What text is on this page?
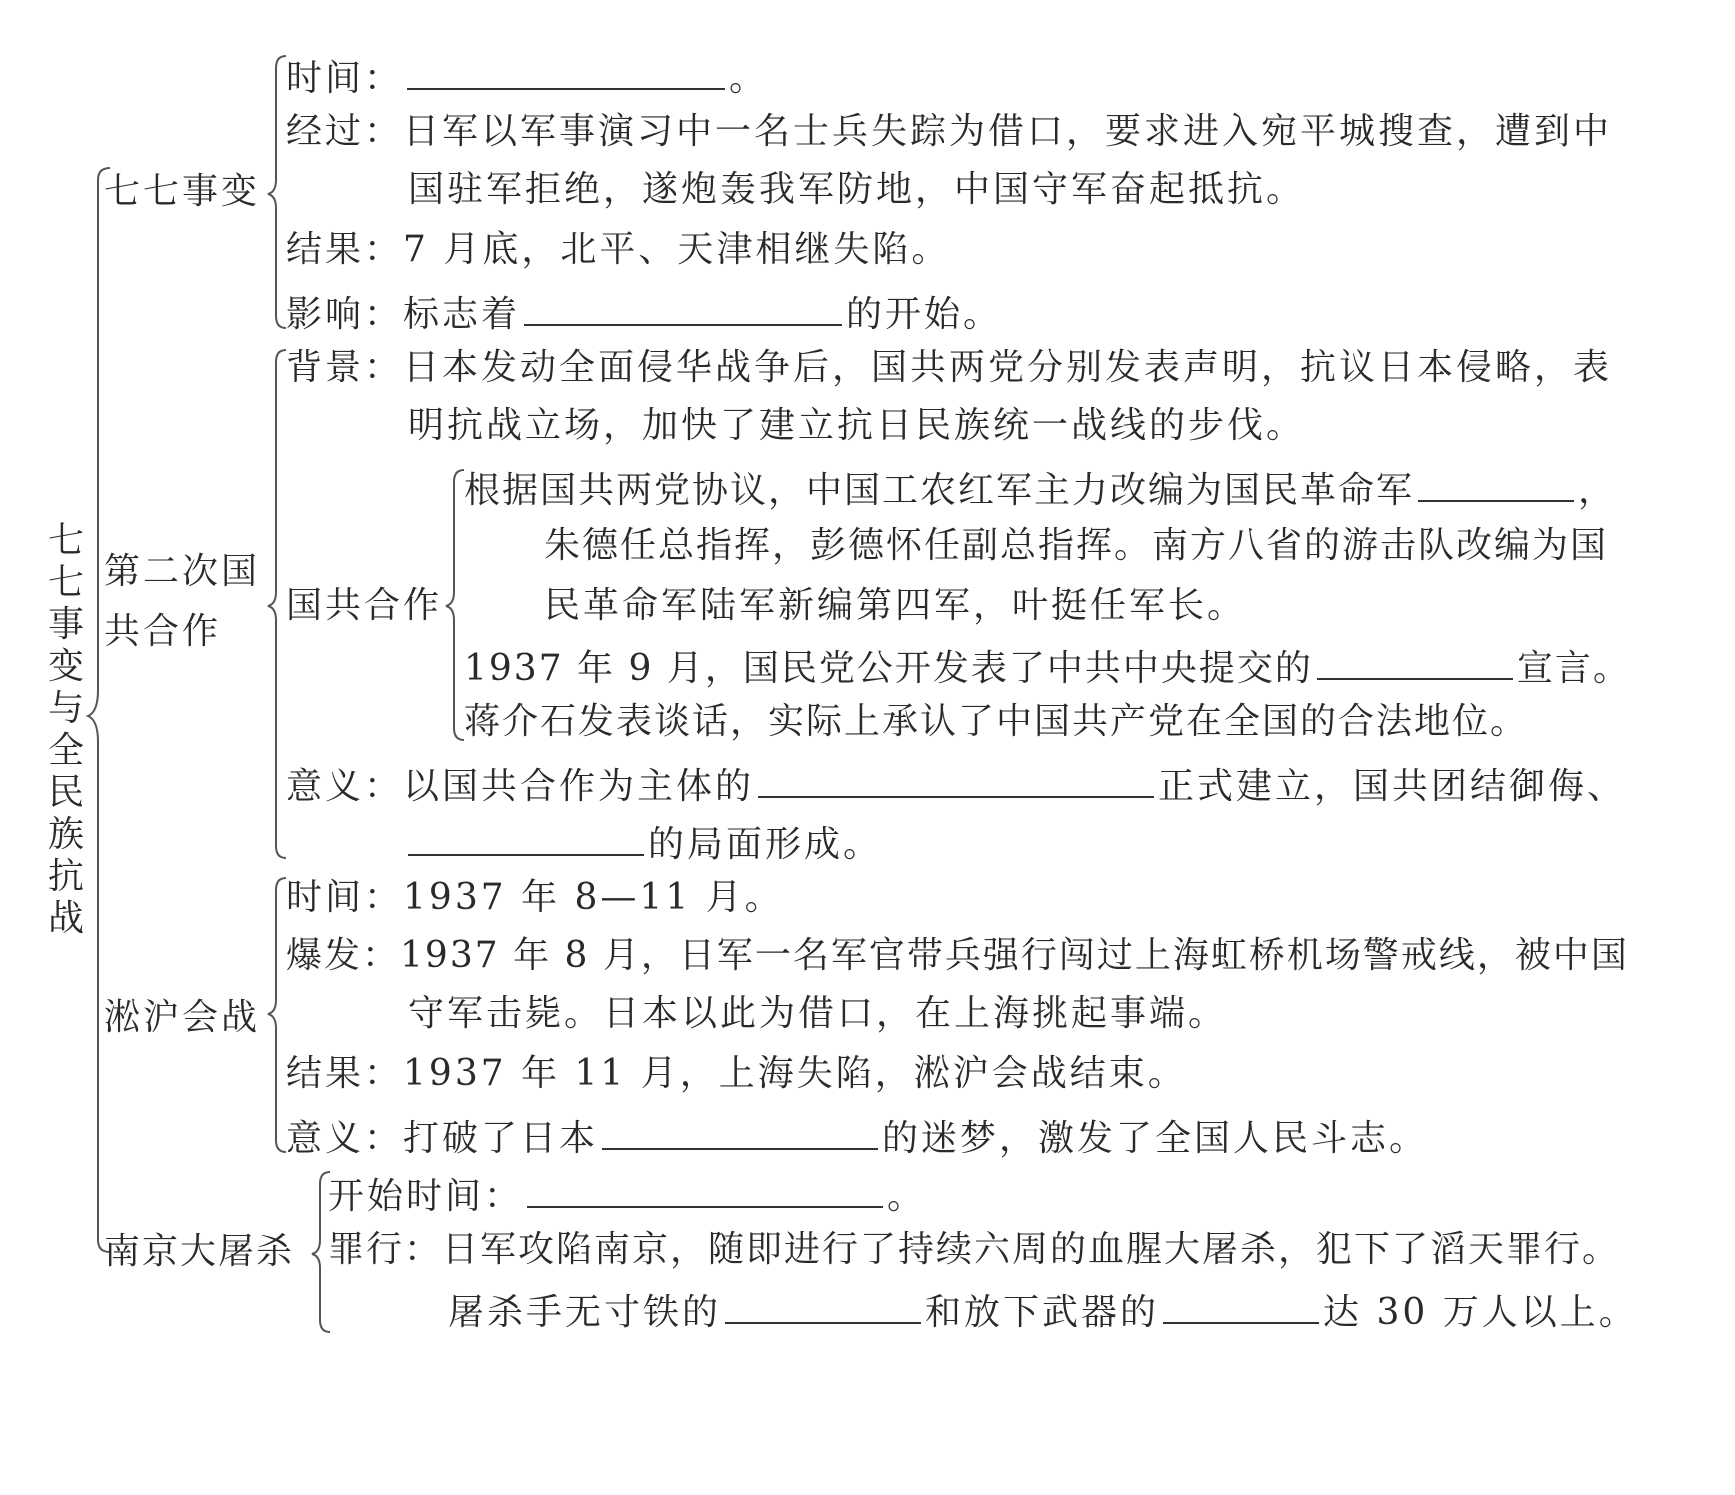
七七事变与全民族抗战
七七事变
时间：	。
经过：日军以军事演习中一名士兵失踪为借口，要求进入宛平城搜查，遭到中
国驻军拒绝，遂炮轰我军防地，中国守军奋起抵抗。
结果：7 月底，北平、天津相继失陷。
影响：标志着	的开始。
第二次国
共合作
背景：日本发动全面侵华战争后，国共两党分别发表声明，抗议日本侵略，表
明抗战立场，加快了建立抗日民族统一战线的步伐。
国共合作
根据国共两党协议，中国工农红军主力改编为国民革命军	，
朱德任总指挥，彭德怀任副总指挥。南方八省的游击队改编为国
民革命军陆军新编第四军，叶挺任军长。
1937 年 9 月，国民党公开发表了中共中央提交的	宣言。
蒋介石发表谈话，实际上承认了中国共产党在全国的合法地位。
意义：以国共合作为主体的	正式建立，国共团结御侮、
的局面形成。
淞沪会战
时间：1937 年 8—11 月。
爆发：1937 年 8 月，日军一名军官带兵强行闯过上海虹桥机场警戒线，被中国
守军击毙。日本以此为借口，在上海挑起事端。
结果：1937 年 11 月，上海失陷，淞沪会战结束。
意义：打破了日本	的迷梦，激发了全国人民斗志。
南京大屠杀
开始时间：	。
罪行：日军攻陷南京，随即进行了持续六周的血腥大屠杀，犯下了滔天罪行。
屠杀手无寸铁的	和放下武器的	达 30 万人以上。
